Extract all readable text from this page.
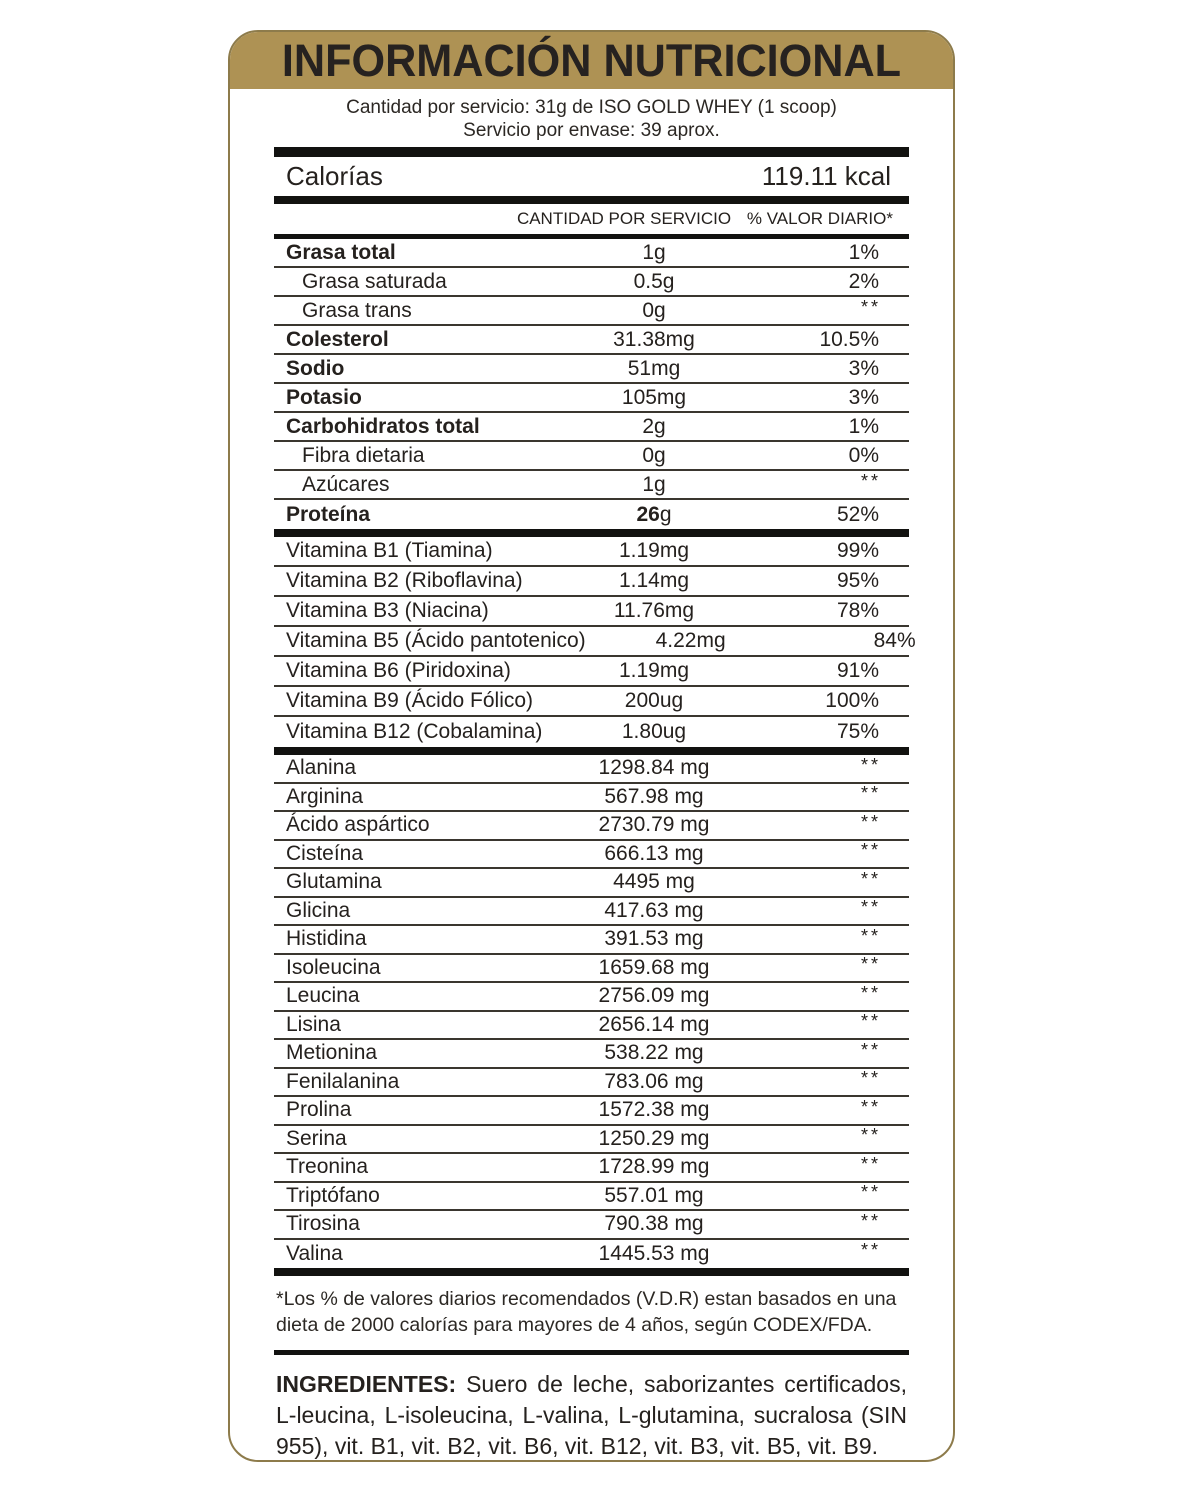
INFORMACIÓN NUTRICIONAL
Cantidad por servicio: 31g de ISO GOLD WHEY (1 scoop)
Servicio por envase: 39 aprox.
Calorías	119.11 kcal
CANTIDAD POR SERVICIO % VALOR DIARIO*
Grasa total	1g	1%
Grasa saturada	0.5g	2%
Grasa trans	0g	**
Colesterol	31.38mg	10.5%
Sodio	51mg	3%
Potasio	105mg	3%
Carbohidratos total	2g	1%
Fibra dietaria	0g	0%
Azúcares	1g	**
Proteína	26g	52%
Vitamina B1 (Tiamina)	1.19mg	99%
Vitamina B2 (Riboflavina)	1.14mg	95%
Vitamina B3 (Niacina)	11.76mg	78%
Vitamina B5 (Ácido pantotenico)	4.22mg	84%
Vitamina B6 (Piridoxina)	1.19mg	91%
Vitamina B9 (Ácido Fólico)	200ug	100%
Vitamina B12 (Cobalamina)	1.80ug	75%
Alanina	1298.84 mg	**
Arginina	567.98 mg	**
Ácido aspártico	2730.79 mg	**
Cisteína	666.13 mg	**
Glutamina	4495 mg	**
Glicina	417.63 mg	**
Histidina	391.53 mg	**
Isoleucina	1659.68 mg	**
Leucina	2756.09 mg	**
Lisina	2656.14 mg	**
Metionina	538.22 mg	**
Fenilalanina	783.06 mg	**
Prolina	1572.38 mg	**
Serina	1250.29 mg	**
Treonina	1728.99 mg	**
Triptófano	557.01 mg	**
Tirosina	790.38 mg	**
Valina	1445.53 mg	**
*Los % de valores diarios recomendados (V.D.R) estan basados en una dieta de 2000 calorías para mayores de 4 años, según CODEX/FDA.

INGREDIENTES: Suero de leche, saborizantes certificados, L-leucina, L-isoleucina, L-valina, L-glutamina, sucralosa (SIN 955), vit. B1, vit. B2, vit. B6, vit. B12, vit. B3, vit. B5, vit. B9.
